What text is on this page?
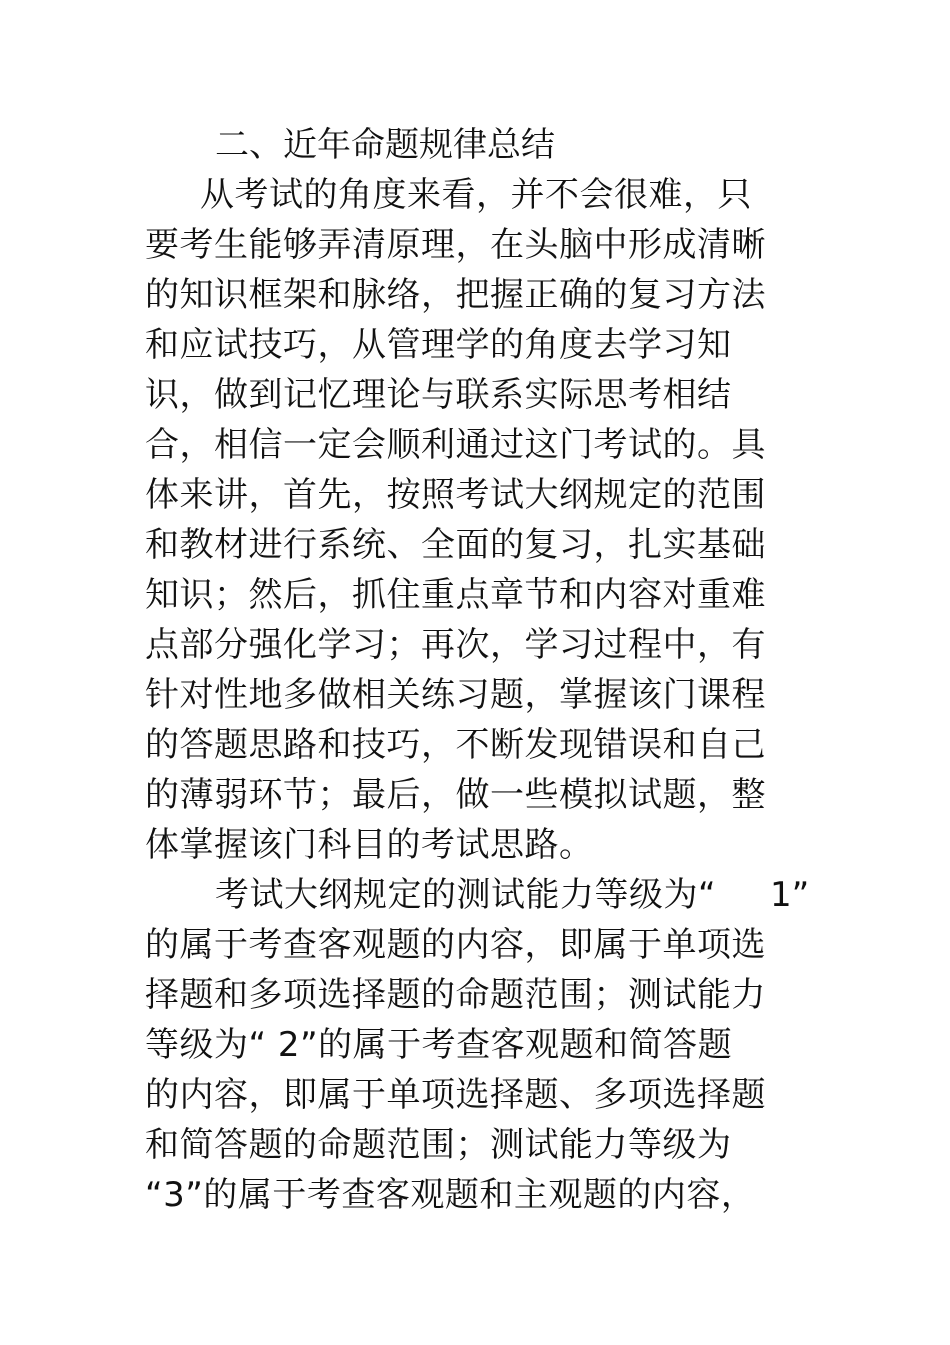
二、近年命题规律总结
从考试的角度来看，并不会很难，只
要考生能够弄清原理，在头脑中形成清晰
的知识框架和脉络，把握正确的复习方法
和应试技巧，从管理学的角度去学习知
识，做到记忆理论与联系实际思考相结
合，相信一定会顺利通过这门考试的。具
体来讲，首先，按照考试大纲规定的范围
和教材进行系统、全面的复习，扎实基础
知识；然后，抓住重点章节和内容对重难
点部分强化学习；再次，学习过程中，有
针对性地多做相关练习题，掌握该门课程
的答题思路和技巧，不断发现错误和自己
的薄弱环节；最后，做一些模拟试题，整
体掌握该门科目的考试思路。
考试大纲规定的测试能力等级为“	1”
的属于考查客观题的内容，即属于单项选
择题和多项选择题的命题范围；测试能力
等级为“ 2”的属于考查客观题和简答题
的内容，即属于单项选择题、多项选择题
和简答题的命题范围；测试能力等级为
“3”的属于考查客观题和主观题的内容，
